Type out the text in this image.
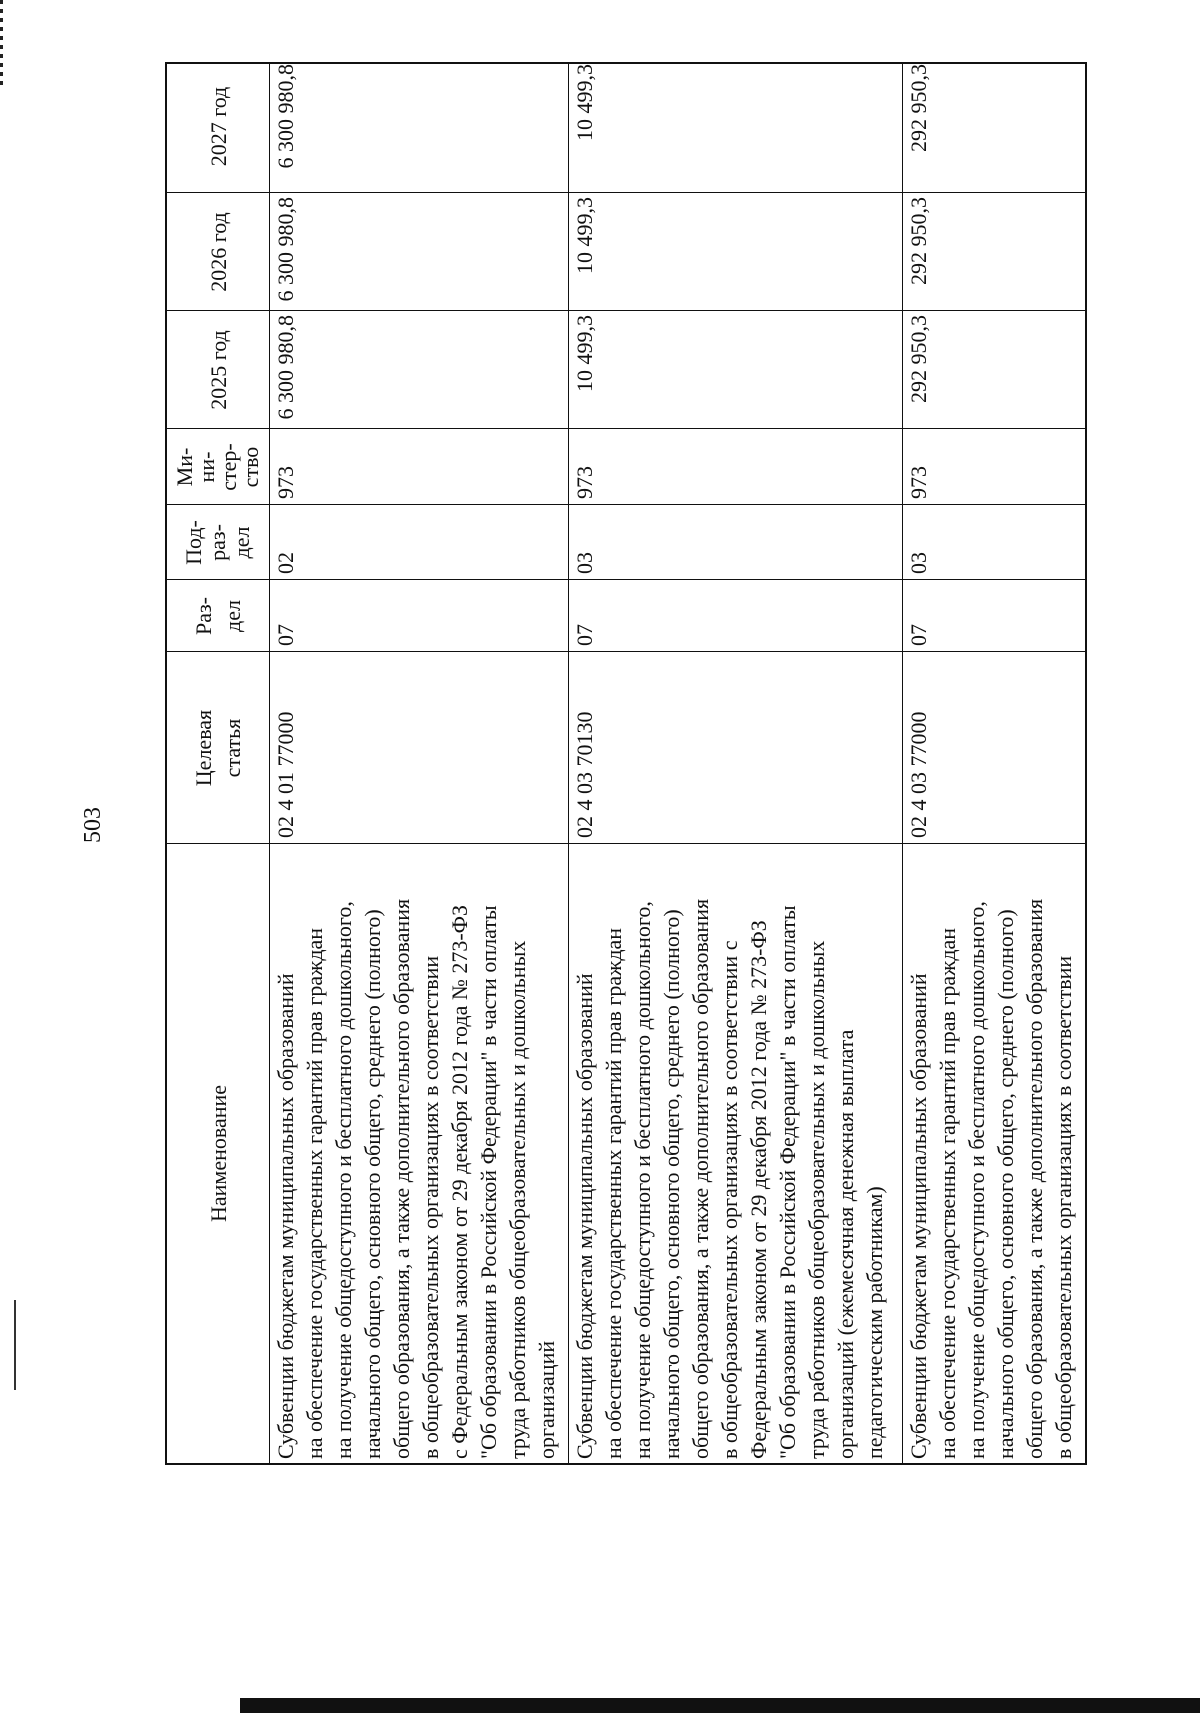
503
Наименование
Целевая статья
Раз- дел
Под- раз- дел
Ми-
ни-
стер-
ство
2025 год
2026 год
2027 год
Субвенции бюджетам муниципальных образований на обеспечение государственных гарантий прав граждан на получение общедоступного и бесплатного дошкольного, начального общего, основного общего, среднего (полного) общего образования, а также дополнительного образования в общеобразовательных организациях в соответствии с Федеральным законом от 29 декабря 2012 года № 273-ФЗ "Об образовании в Российской Федерации" в части оплаты труда работников общеобразовательных и дошкольных организаций
02 4 01 77000
07
02
973
6 300 980,8
6 300 980,8
6 300 980,8
Субвенции бюджетам муниципальных образований на обеспечение государственных гарантий прав граждан на получение общедоступного и бесплатного дошкольного, начального общего, основного общего, среднего (полного) общего образования, а также дополнительного образования в общеобразовательных организациях в соответствии с Федеральным законом от 29 декабря 2012 года № 273-ФЗ "Об образовании в Российской Федерации" в части оплаты труда работников общеобразовательных и дошкольных организаций (ежемесячная денежная выплата педагогическим работникам)
02 4 03 70130
07
03
973
10 499,3
10 499,3
10 499,3
Субвенции бюджетам муниципальных образований на обеспечение государственных гарантий прав граждан на получение общедоступного и бесплатного дошкольного, начального общего, основного общего, среднего (полного) общего образования, а также дополнительного образования в общеобразовательных организациях в соответствии
02 4 03 77000
07
03
973
292 950,3
292 950,3
292 950,3
